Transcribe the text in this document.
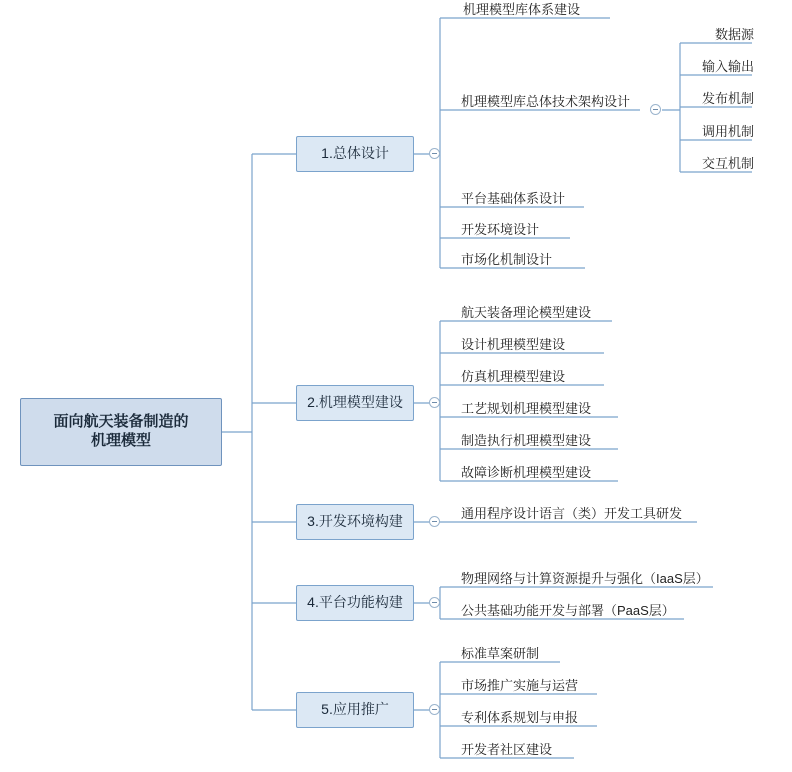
面向航天装备制造的
机理模型
1.总体设计
2.机理模型建设
3.开发环境构建
4.平台功能构建
5.应用推广
机理模型库体系建设
机理模型库总体技术架构设计
平台基础体系设计
开发环境设计
市场化机制设计
数据源
输入输出
发布机制
调用机制
交互机制
航天装备理论模型建设
设计机理模型建设
仿真机理模型建设
工艺规划机理模型建设
制造执行机理模型建设
故障诊断机理模型建设
通用程序设计语言（类）开发工具研发
物理网络与计算资源提升与强化（IaaS层）
公共基础功能开发与部署（PaaS层）
标准草案研制
市场推广实施与运营
专利体系规划与申报
开发者社区建设
